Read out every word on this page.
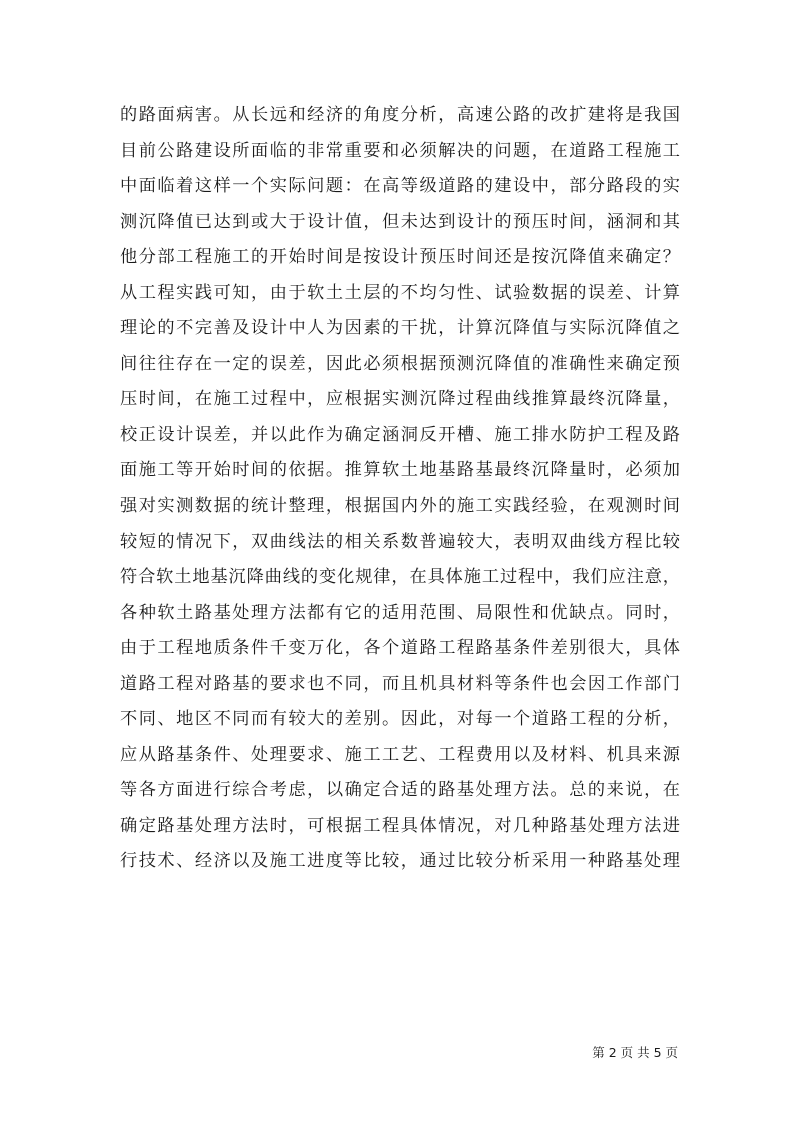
的路面病害。从长远和经济的角度分析，高速公路的改扩建将是我国
目前公路建设所面临的非常重要和必须解决的问题，在道路工程施工
中面临着这样一个实际问题：在高等级道路的建设中，部分路段的实
测沉降值已达到或大于设计值，但未达到设计的预压时间，涵洞和其
他分部工程施工的开始时间是按设计预压时间还是按沉降值来确定？
从工程实践可知，由于软土土层的不均匀性、试验数据的误差、计算
理论的不完善及设计中人为因素的干扰，计算沉降值与实际沉降值之
间往往存在一定的误差，因此必须根据预测沉降值的准确性来确定预
压时间，在施工过程中，应根据实测沉降过程曲线推算最终沉降量，
校正设计误差，并以此作为确定涵洞反开槽、施工排水防护工程及路
面施工等开始时间的依据。推算软土地基路基最终沉降量时，必须加
强对实测数据的统计整理，根据国内外的施工实践经验，在观测时间
较短的情况下，双曲线法的相关系数普遍较大，表明双曲线方程比较
符合软土地基沉降曲线的变化规律，在具体施工过程中，我们应注意，
各种软土路基处理方法都有它的适用范围、局限性和优缺点。同时，
由于工程地质条件千变万化，各个道路工程路基条件差别很大，具体
道路工程对路基的要求也不同，而且机具材料等条件也会因工作部门
不同、地区不同而有较大的差别。因此，对每一个道路工程的分析，
应从路基条件、处理要求、施工工艺、工程费用以及材料、机具来源
等各方面进行综合考虑，以确定合适的路基处理方法。总的来说，在
确定路基处理方法时，可根据工程具体情况，对几种路基处理方法进
行技术、经济以及施工进度等比较，通过比较分析采用一种路基处理
第 2 页 共 5 页
